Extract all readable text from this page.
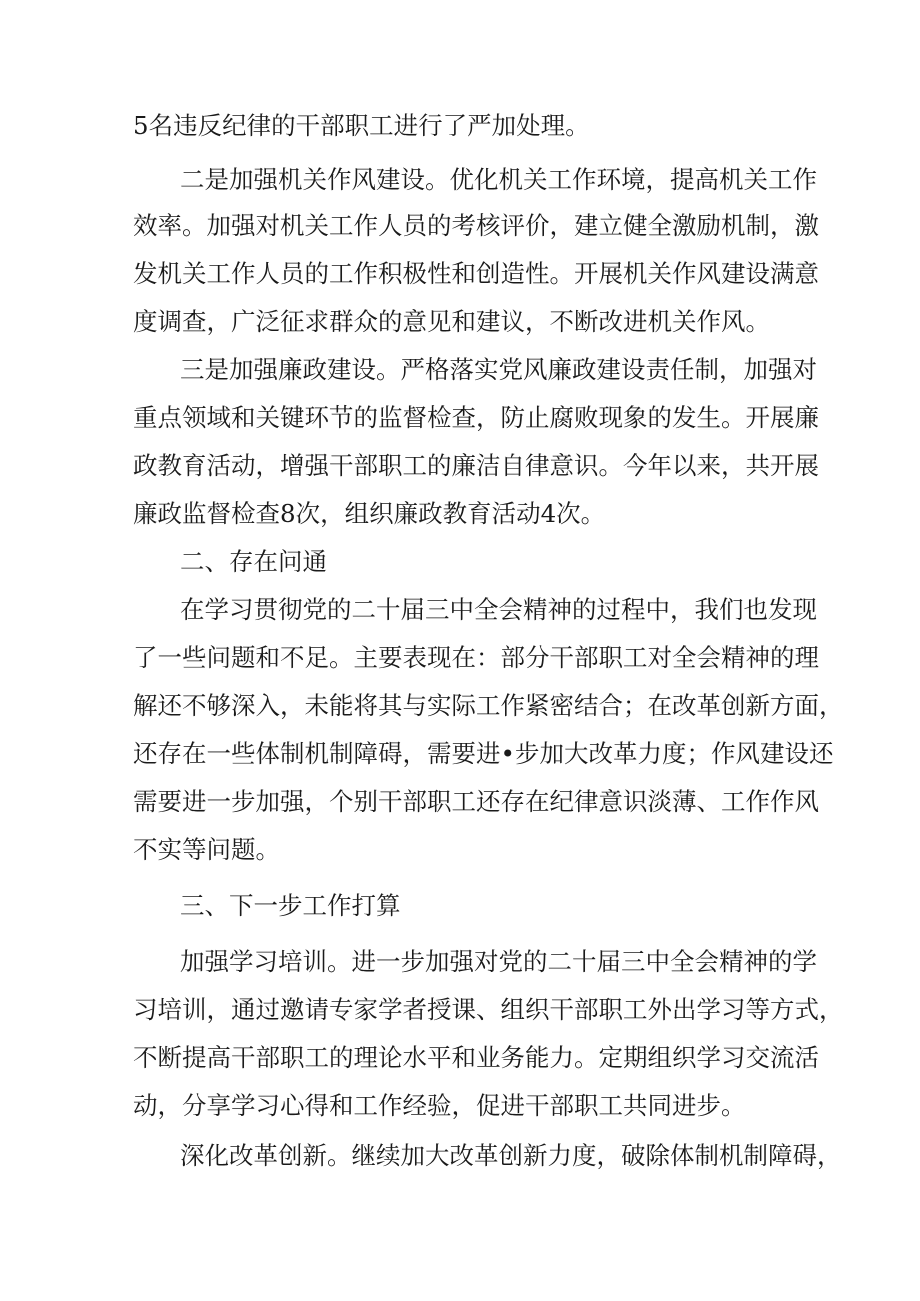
5名违反纪律的干部职工进行了严加处理。
二是加强机关作风建设。优化机关工作环境，提高机关工作
效率。加强对机关工作人员的考核评价，建立健全激励机制，激
发机关工作人员的工作积极性和创造性。开展机关作风建设满意
度调查，广泛征求群众的意见和建议，不断改进机关作风。
三是加强廉政建设。严格落实党风廉政建设责任制，加强对
重点领域和关键环节的监督检查，防止腐败现象的发生。开展廉
政教育活动，增强干部职工的廉洁自律意识。今年以来，共开展
廉政监督检查8次，组织廉政教育活动4次。
二、存在问通
在学习贯彻党的二十届三中全会精神的过程中，我们也发现
了一些问题和不足。主要表现在：部分干部职工对全会精神的理
解还不够深入，未能将其与实际工作紧密结合；在改革创新方面，
还存在一些体制机制障碍，需要进•步加大改革力度；作风建设还
需要进一步加强，个别干部职工还存在纪律意识淡薄、工作作风
不实等问题。
三、下一步工作打算
加强学习培训。进一步加强对党的二十届三中全会精神的学
习培训，通过邀请专家学者授课、组织干部职工外出学习等方式，
不断提高干部职工的理论水平和业务能力。定期组织学习交流活
动，分享学习心得和工作经验，促进干部职工共同进步。
深化改革创新。继续加大改革创新力度，破除体制机制障碍，
